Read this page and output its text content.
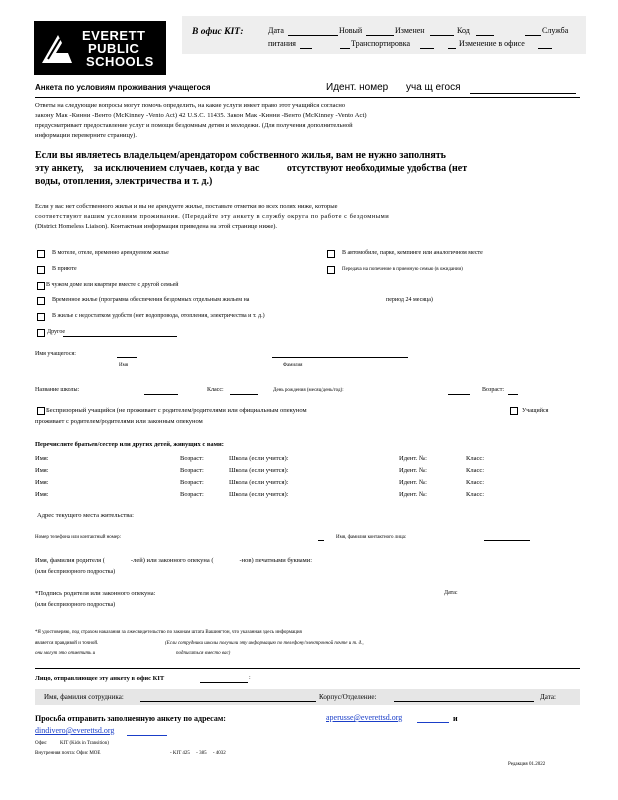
EVERETT
PUBLIC
SCHOOLS
В офис КIТ:	Дата	Новый	Изменен	Код	Служба
питания	Транспортировка	Изменение в офисе
Анкета по условиям проживания учащегося	Идент. номер уча щ егося
Ответы на следующие вопросы могут помочь определить, на какие услуги имеет право этот учащийся согласно
закону Мак -Кинни -Венто (McKinney -Vento Act) 42 U.S.C. 11435. Закон Мак -Кинни -Венто (McKinney -Vento Act)
предусматривает предоставление услуг и помощи бездомным детям и молодежи. (Для получения дополнительной
информации переверните страницу).
Если вы являетесь владельцем/арендатором собственного жилья, вам не нужно заполнять
эту анкету,    за исключением случаев, когда у вас           отсутствуют необходимые удобства (нет
воды, отопления, электричества и т. д.)
Если у вас нет собственного жилья и вы не арендуете жилье, поставьте отметки во всех полях ниже, которые
соответствуют вашим условиям проживания. (Передайте эту анкету в службу округа по работе с бездомными
(District Homeless Liaison). Контактная информация приведена на этой странице ниже).
В мотеле, отеле, временно арендуемом жилье	В автомобиле, парке, кемпинге или аналогичном месте
В приюте	Передача на попечение в приемную семью (в ожидании)
В чужом доме или квартире вместе с другой семьей
Временное жилье (программа обеспечения бездомных отдельным жильем на	период 24 месяца)
В жилье с недостатком удобств (нет водопровода, отопления, электричества и т. д.)
Другое
Имя учащегося:
Имя	Фамилия
Название школы:	Класс:	День рождения (месяц/день/год):	Возраст:
Беспризорный учащийся (не проживает с родителем/родителями или официальным опекуном
проживает с родителем/родителями или законным опекуном
Учащийся
Перечислите братьев/сестер или других детей, живущих с вами:
Имя:	Возраст:	Школа (если учится):	Идент. №:	Класс:
Имя:	Возраст:	Школа (если учится):	Идент. №:	Класс:
Имя:	Возраст:	Школа (если учится):	Идент. №:	Класс:
Имя:	Возраст:	Школа (если учится):	Идент. №:	Класс:
Адрес текущего места жительства:
Номер телефона или контактный номер:	Имя, фамилия контактного лица:
Имя, фамилия родителя (                -лей) или законного опекуна (                -нов) печатными буквами:
(или беспризорного подростка)
*Подпись родителя или законного опекуна:
(или беспризорного подростка)
Дата:
*Я удостоверяю, под страхом наказания за лжесвидетельство по законам штата Вашингтон, что указанная здесь информация
является правдивой и точной.	(Если сотрудники школы получили эту информацию по телефону/электронной почте и т. д.,
они могут это отметить и	подписаться вместо вас)
Лицо, отправляющее эту анкету в офис КIТ	:
Имя, фамилия сотрудника:	Корпус/Отделение:	Дата:
Просьба отправить заполненную анкету по адресам:	aperusse@everettsd.org	и
dindivero@everettsd.org
Офис	KIT (Kids in Transition)
Внутренняя почта: Офис MOE	- KIT 425     - 385     - 4032
Редакция 01.2022
